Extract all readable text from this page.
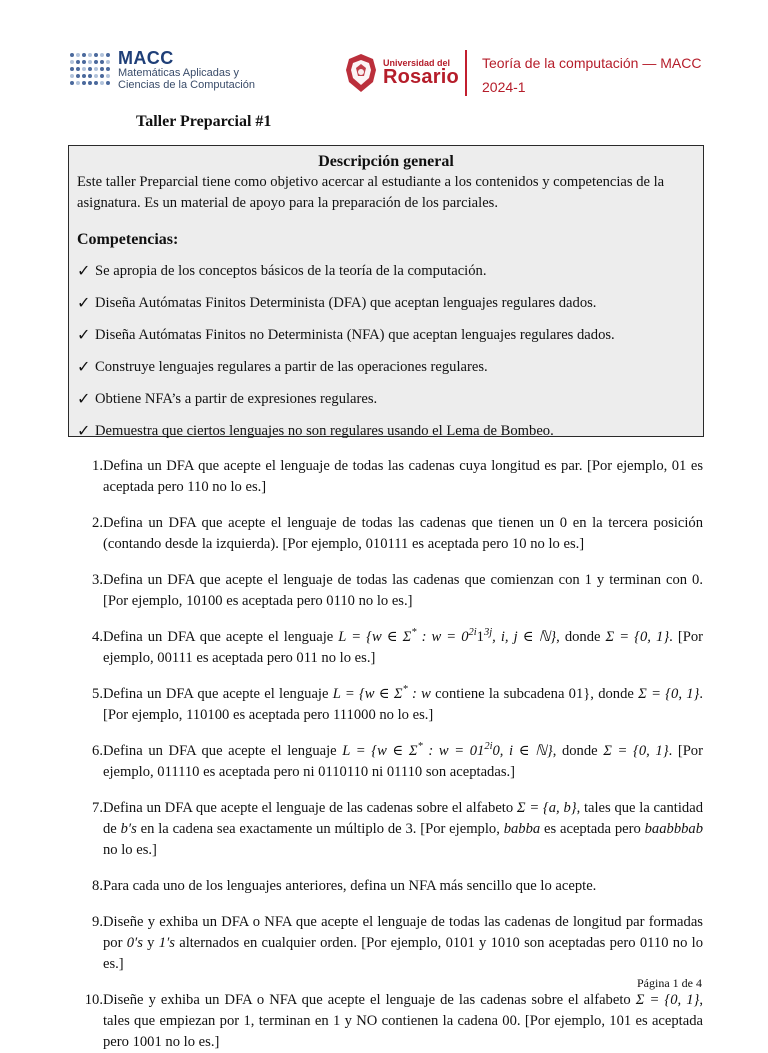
MACC
Matemáticas Aplicadas y
Ciencias de la Computación
Universidad del
Rosario
Teoría de la computación — MACC
2024-1
Taller Preparcial #1
Descripción general
Este taller Preparcial tiene como objetivo acercar al estudiante a los contenidos y competencias de la asignatura. Es un material de apoyo para la preparación de los parciales.
Competencias:
✓ Se apropia de los conceptos básicos de la teoría de la computación.
✓ Diseña Autómatas Finitos Determinista (DFA) que aceptan lenguajes regulares dados.
✓ Diseña Autómatas Finitos no Determinista (NFA) que aceptan lenguajes regulares dados.
✓ Construye lenguajes regulares a partir de las operaciones regulares.
✓ Obtiene NFA’s a partir de expresiones regulares.
✓ Demuestra que ciertos lenguajes no son regulares usando el Lema de Bombeo.
1. Defina un DFA que acepte el lenguaje de todas las cadenas cuya longitud es par. [Por ejemplo, 01 es aceptada pero 110 no lo es.]
2. Defina un DFA que acepte el lenguaje de todas las cadenas que tienen un 0 en la tercera posición (contando desde la izquierda). [Por ejemplo, 010111 es aceptada pero 10 no lo es.]
3. Defina un DFA que acepte el lenguaje de todas las cadenas que comienzan con 1 y terminan con 0. [Por ejemplo, 10100 es aceptada pero 0110 no lo es.]
4. Defina un DFA que acepte el lenguaje L = {w ∈ Σ* : $w = 0^{2i}1^{3j}$, i, j ∈ ℕ}, donde Σ = {0, 1}. [Por ejemplo, 00111 es aceptada pero 011 no lo es.]
5. Defina un DFA que acepte el lenguaje L = {w ∈ Σ* : w contiene la subcadena 01}, donde Σ = {0, 1}. [Por ejemplo, 110100 es aceptada pero 111000 no lo es.]
6. Defina un DFA que acepte el lenguaje L = {w ∈ Σ* : $w = 01^{2i}0$, i ∈ ℕ}, donde Σ = {0, 1}. [Por ejemplo, 011110 es aceptada pero ni 0110110 ni 01110 son aceptadas.]
7. Defina un DFA que acepte el lenguaje de las cadenas sobre el alfabeto Σ = {a, b}, tales que la cantidad de b′s en la cadena sea exactamente un múltiplo de 3. [Por ejemplo, babba es aceptada pero baabbbab no lo es.]
8. Para cada uno de los lenguajes anteriores, defina un NFA más sencillo que lo acepte.
9. Diseñe y exhiba un DFA o NFA que acepte el lenguaje de todas las cadenas de longitud par formadas por 0′s y 1′s alternados en cualquier orden. [Por ejemplo, 0101 y 1010 son aceptadas pero 0110 no lo es.]
10. Diseñe y exhiba un DFA o NFA que acepte el lenguaje de las cadenas sobre el alfabeto Σ = {0, 1}, tales que empiezan por 1, terminan en 1 y NO contienen la cadena 00. [Por ejemplo, 101 es aceptada pero 1001 no lo es.]
Página 1 de 4
